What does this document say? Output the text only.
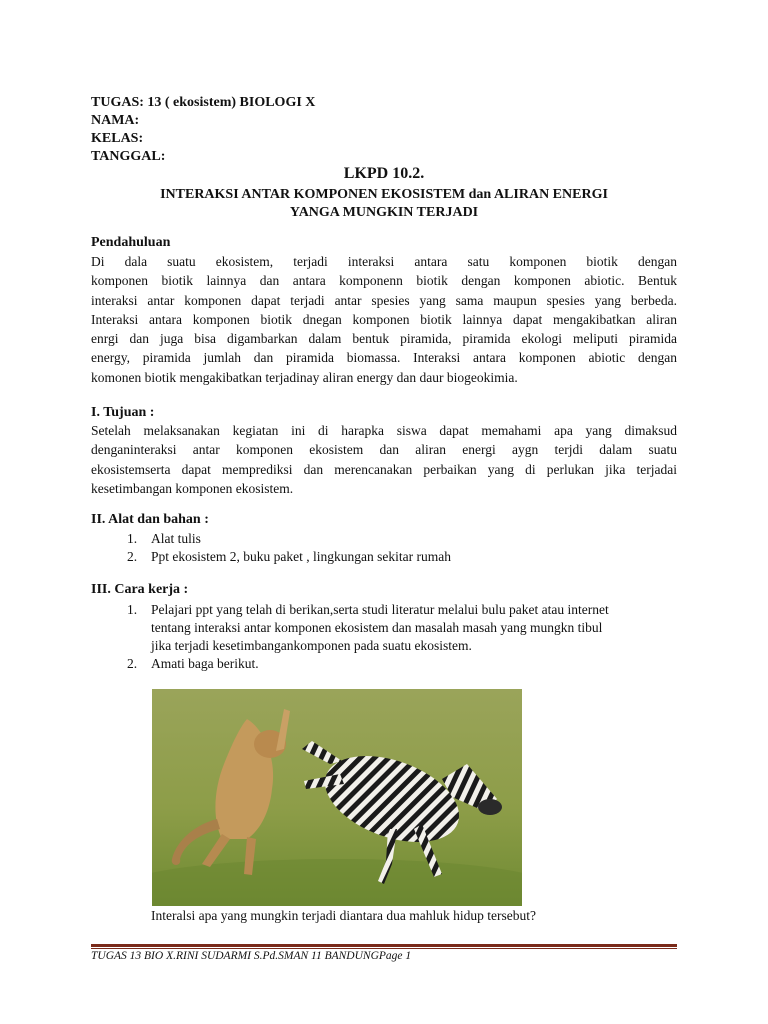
TUGAS: 13 ( ekosistem) BIOLOGI X
NAMA:
KELAS:
TANGGAL:
LKPD 10.2.
INTERAKSI ANTAR KOMPONEN EKOSISTEM dan ALIRAN ENERGI
YANGA MUNGKIN TERJADI
Pendahuluan
Di dala suatu ekosistem, terjadi interaksi antara satu komponen biotik dengan
komponen biotik lainnya dan antara komponenn biotik dengan komponen abiotic. Bentuk
interaksi antar komponen dapat terjadi antar spesies yang sama maupun spesies yang berbeda.
Interaksi antara komponen biotik dnegan komponen biotik lainnya dapat mengakibatkan aliran
enrgi dan juga bisa digambarkan dalam bentuk piramida, piramida ekologi meliputi piramida
energy, piramida jumlah dan piramida biomassa. Interaksi antara komponen abiotic dengan
komonen biotik mengakibatkan terjadinay aliran energy dan daur biogeokimia.
I. Tujuan :
Setelah melaksanakan kegiatan ini di harapka siswa dapat memahami apa yang dimaksud
denganinteraksi antar komponen ekosistem dan aliran energi aygn terjdi dalam suatu
ekosistemserta dapat memprediksi dan merencanakan perbaikan yang di perlukan jika terjadai
kesetimbangan komponen ekosistem.
II. Alat dan bahan :
1. Alat tulis
2. Ppt ekosistem 2, buku paket , lingkungan sekitar rumah
III. Cara kerja :
1. Pelajari ppt yang telah di berikan,serta studi literatur melalui bulu paket atau internet
tentang interaksi antar komponen ekosistem dan masalah masah yang mungkn tibul
jika terjadi kesetimbangankomponen pada suatu ekosistem.
2. Amati baga berikut.
Interalsi apa yang mungkin terjadi diantara dua mahluk hidup tersebut?
TUGAS 13 BIO X.RINI SUDARMI S.Pd.SMAN 11 BANDUNGPage 1
